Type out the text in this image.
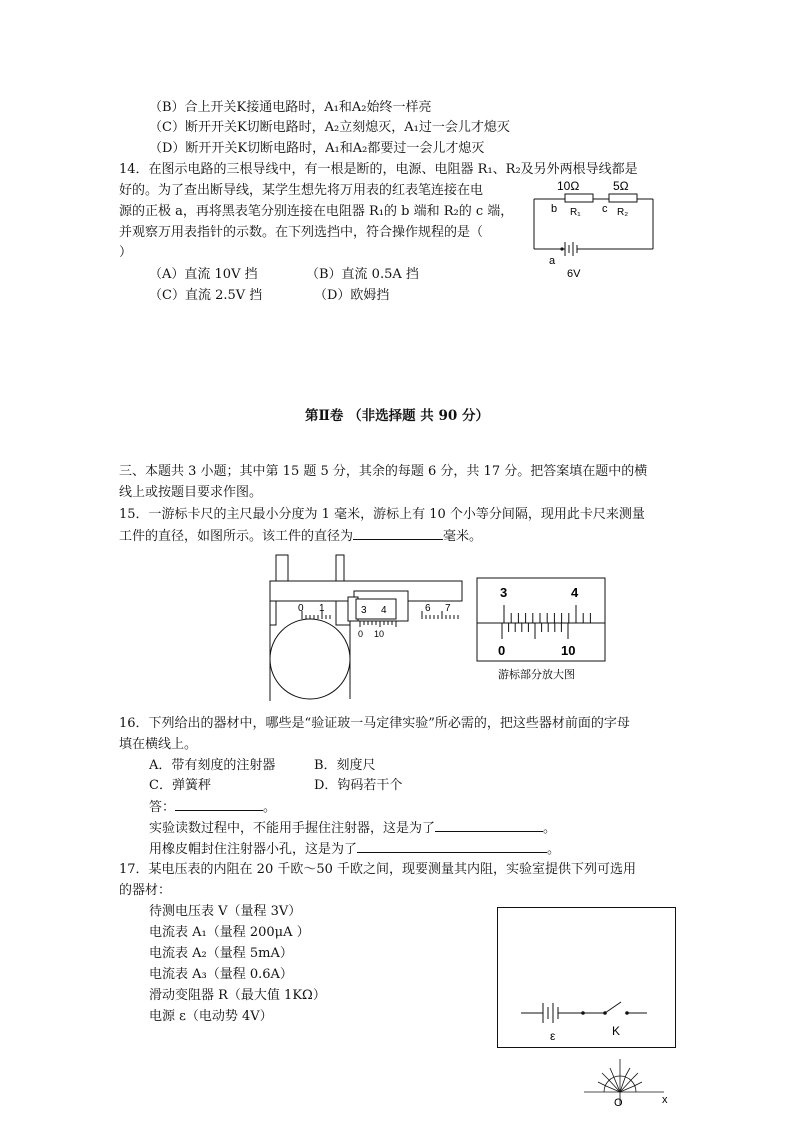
（B）合上开关K接通电路时，A₁和A₂始终一样亮
（C）断开开关K切断电路时，A₂立刻熄灭，A₁过一会儿才熄灭
（D）断开开关K切断电路时，A₁和A₂都要过一会儿才熄灭
14．在图示电路的三根导线中，有一根是断的，电源、电阻器 R₁、R₂及另外两根导线都是
好的。为了查出断导线，某学生想先将万用表的红表笔连接在电
源的正极 a，再将黑表笔分别连接在电阻器 R₁的 b 端和 R₂的 c 端，
并观察万用表指针的示数。在下列选挡中，符合操作规程的是（
）
（A）直流 10V 挡	（B）直流 0.5A 挡
（C）直流 2.5V 挡	（D）欧姆挡
10Ω	5Ω
b	c
R₁	R₂
a
6V
第Ⅱ卷 （非选择题 共 90 分）
三、本题共 3 小题；其中第 15 题 5 分，其余的每题 6 分，共 17 分。把答案填在题中的横
线上或按题目要求作图。
15．一游标卡尺的主尺最小分度为 1 毫米，游标上有 10 个小等分间隔，现用此卡尺来测量
工件的直径，如图所示。该工件的直径为	毫米。
0 1	3 4	6 7
0 10
3	4
0	10
游标部分放大图
16．下列给出的器材中，哪些是“验证玻一马定律实验”所必需的，把这些器材前面的字母
填在横线上。
A．带有刻度的注射器	B．刻度尺
C．弹簧秤	D．钩码若干个
答：	。
实验读数过程中，不能用手握住注射器，这是为了	。
用橡皮帽封住注射器小孔，这是为了	。
17．某电压表的内阻在 20 千欧～50 千欧之间，现要测量其内阻，实验室提供下列可选用
的器材：
待测电压表 V（量程 3V）
电流表 A₁（量程 200μA ）
电流表 A₂（量程 5mA）
电流表 A₃（量程 0.6A）
滑动变阻器 R（最大值 1KΩ）
电源 ε（电动势 4V）
ε	K
O	x
